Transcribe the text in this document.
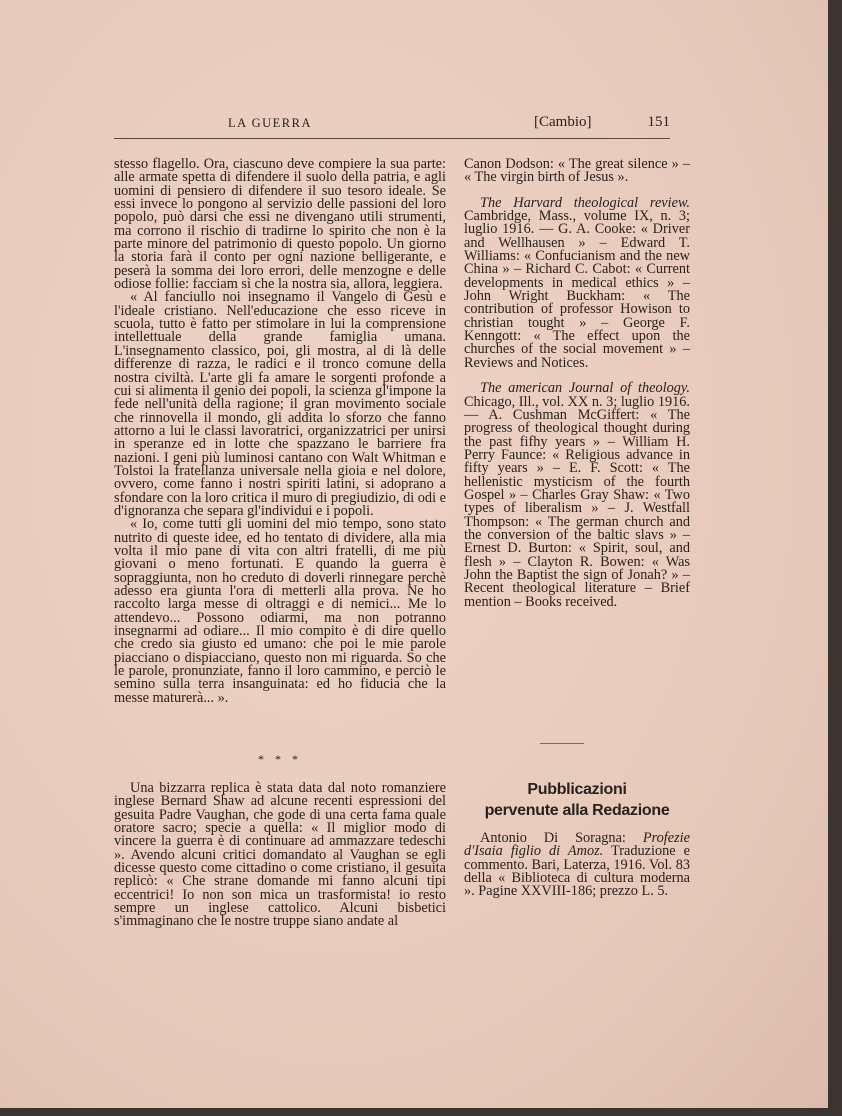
LA GUERRA	[Cambio]	151

stesso flagello. Ora, ciascuno deve compiere la sua parte: alle armate spetta di difendere il suolo della patria, e agli uomini di pensiero di difendere il suo tesoro ideale. Se essi invece lo pongono al servizio delle passioni del loro popolo, può darsi che essi ne divengano utili strumenti, ma corrono il rischio di tradirne lo spirito che non è la parte minore del patrimonio di questo popolo. Un giorno la storia farà il conto per ogni nazione belligerante, e peserà la somma dei loro errori, delle menzogne e delle odiose follie: facciam sì che la nostra sia, allora, leggiera.

« Al fanciullo noi insegnamo il Vangelo di Gesù e l'ideale cristiano. Nell'educazione che esso riceve in scuola, tutto è fatto per stimolare in lui la comprensione intellettuale della grande famiglia umana. L'insegnamento classico, poi, gli mostra, al di là delle differenze di razza, le radici e il tronco comune della nostra civiltà. L'arte gli fa amare le sorgenti profonde a cui si alimenta il genio dei popoli, la scienza gl'impone la fede nell'unità della ragione; il gran movimento sociale che rinnovella il mondo, gli addita lo sforzo che fanno attorno a lui le classi lavoratrici, organizzatrici per unirsi in speranze ed in lotte che spazzano le barriere fra nazioni. I geni più luminosi cantano con Walt Whitman e Tolstoi la fratellanza universale nella gioia e nel dolore, ovvero, come fanno i nostri spiriti latini, si adoprano a sfondare con la loro critica il muro di pregiudizio, di odi e d'ignoranza che separa gl'individui e i popoli.

« Io, come tutti gli uomini del mio tempo, sono stato nutrito di queste idee, ed ho tentato di dividere, alla mia volta il mio pane di vita con altri fratelli, di me più giovani o meno fortunati. E quando la guerra è sopraggiunta, non ho creduto di doverli rinnegare perchè adesso era giunta l'ora di metterli alla prova. Ne ho raccolto larga messe di oltraggi e di nemici... Me lo attendevo... Possono odiarmi, ma non potranno insegnarmi ad odiare... Il mio compito è di dire quello che credo sia giusto ed umano: che poi le mie parole piacciano o dispiacciano, questo non mi riguarda. So che le parole, pronunziate, fanno il loro cammino, e perciò le semino sulla terra insanguinata: ed ho fiducia che la messe maturerà... ».

* * *

Una bizzarra replica è stata data dal noto romanziere inglese Bernard Shaw ad alcune recenti espressioni del gesuita Padre Vaughan, che gode di una certa fama quale oratore sacro; specie a quella: « Il miglior modo di vincere la guerra è di continuare ad ammazzare tedeschi ». Avendo alcuni critici domandato al Vaughan se egli dicesse questo come cittadino o come cristiano, il gesuita replicò: « Che strane domande mi fanno alcuni tipi eccentrici! Io non son mica un trasformista! io resto sempre un inglese cattolico. Alcuni bisbetici s'immaginano che le nostre truppe siano andate al

Canon Dodson: « The great silence » – « The virgin birth of Jesus ».

The Harvard theological review. Cambridge, Mass., volume IX, n. 3; luglio 1916. — G. A. Cooke: « Driver and Wellhausen » – Edward T. Williams: « Confucianism and the new China » – Richard C. Cabot: « Current developments in medical ethics » – John Wright Buckham: « The contribution of professor Howison to christian tought » – George F. Kenngott: « The effect upon the churches of the social movement » – Reviews and Notices.

The american Journal of theology. Chicago, Ill., vol. XX n. 3; luglio 1916. — A. Cushman McGiffert: « The progress of theological thought during the past fifhy years » – William H. Perry Faunce: « Religious advance in fifty years » – E. F. Scott: « The hellenistic mysticism of the fourth Gospel » – Charles Gray Shaw: « Two types of liberalism » – J. Westfall Thompson: « The german church and the conversion of the baltic slavs » – Ernest D. Burton: « Spirit, soul, and flesh » – Clayton R. Bowen: « Was John the Baptist the sign of Jonah? » – Recent theological literature – Brief mention – Books received.

Pubblicazioni
pervenute alla Redazione

Antonio Di Soragna: Profezie d'Isaia figlio di Amoz. Traduzione e commento. Bari, Laterza, 1916. Vol. 83 della « Biblioteca di cultura moderna ». Pagine XXVIII-186; prezzo L. 5.
